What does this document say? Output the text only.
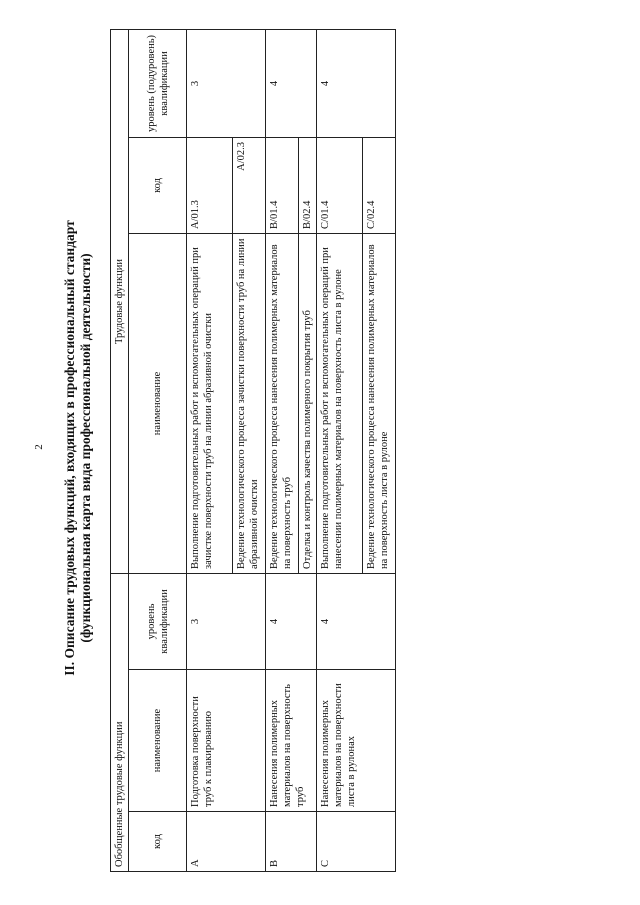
2 II. Описание трудовых функций, входящих в профессиональный стандарт (функциональная карта вида профессиональной деятельности)
Обобщенные трудовые функции			Трудовые функции		
код	наименование	уровень квалификации	наименование	код	уровень (подуровень) квалификации
A	Подготовка поверхности труб к плакированию	3	Выполнение подготовительных работ и вспомогательных операций при зачистке поверхности труб на линии абразивной очистки	A/01.3	3
			Ведение технологического процесса зачистки поверхности труб на линии абразивной очистки	A/02.3	
B	Нанесения полимерных материалов на поверхность труб	4	Ведение технологического процесса нанесения полимерных материалов на поверхность труб	B/01.4	4
			Отделка и контроль качества полимерного покрытия труб	B/02.4	
C	Нанесения полимерных материалов на поверхности листа в рулонах	4	Выполнение подготовительных работ и вспомогательных операций при нанесении полимерных материалов на поверхность листа в рулоне	C/01.4	4
			Ведение технологического процесса нанесения полимерных материалов на поверхность листа в рулоне	C/02.4	
